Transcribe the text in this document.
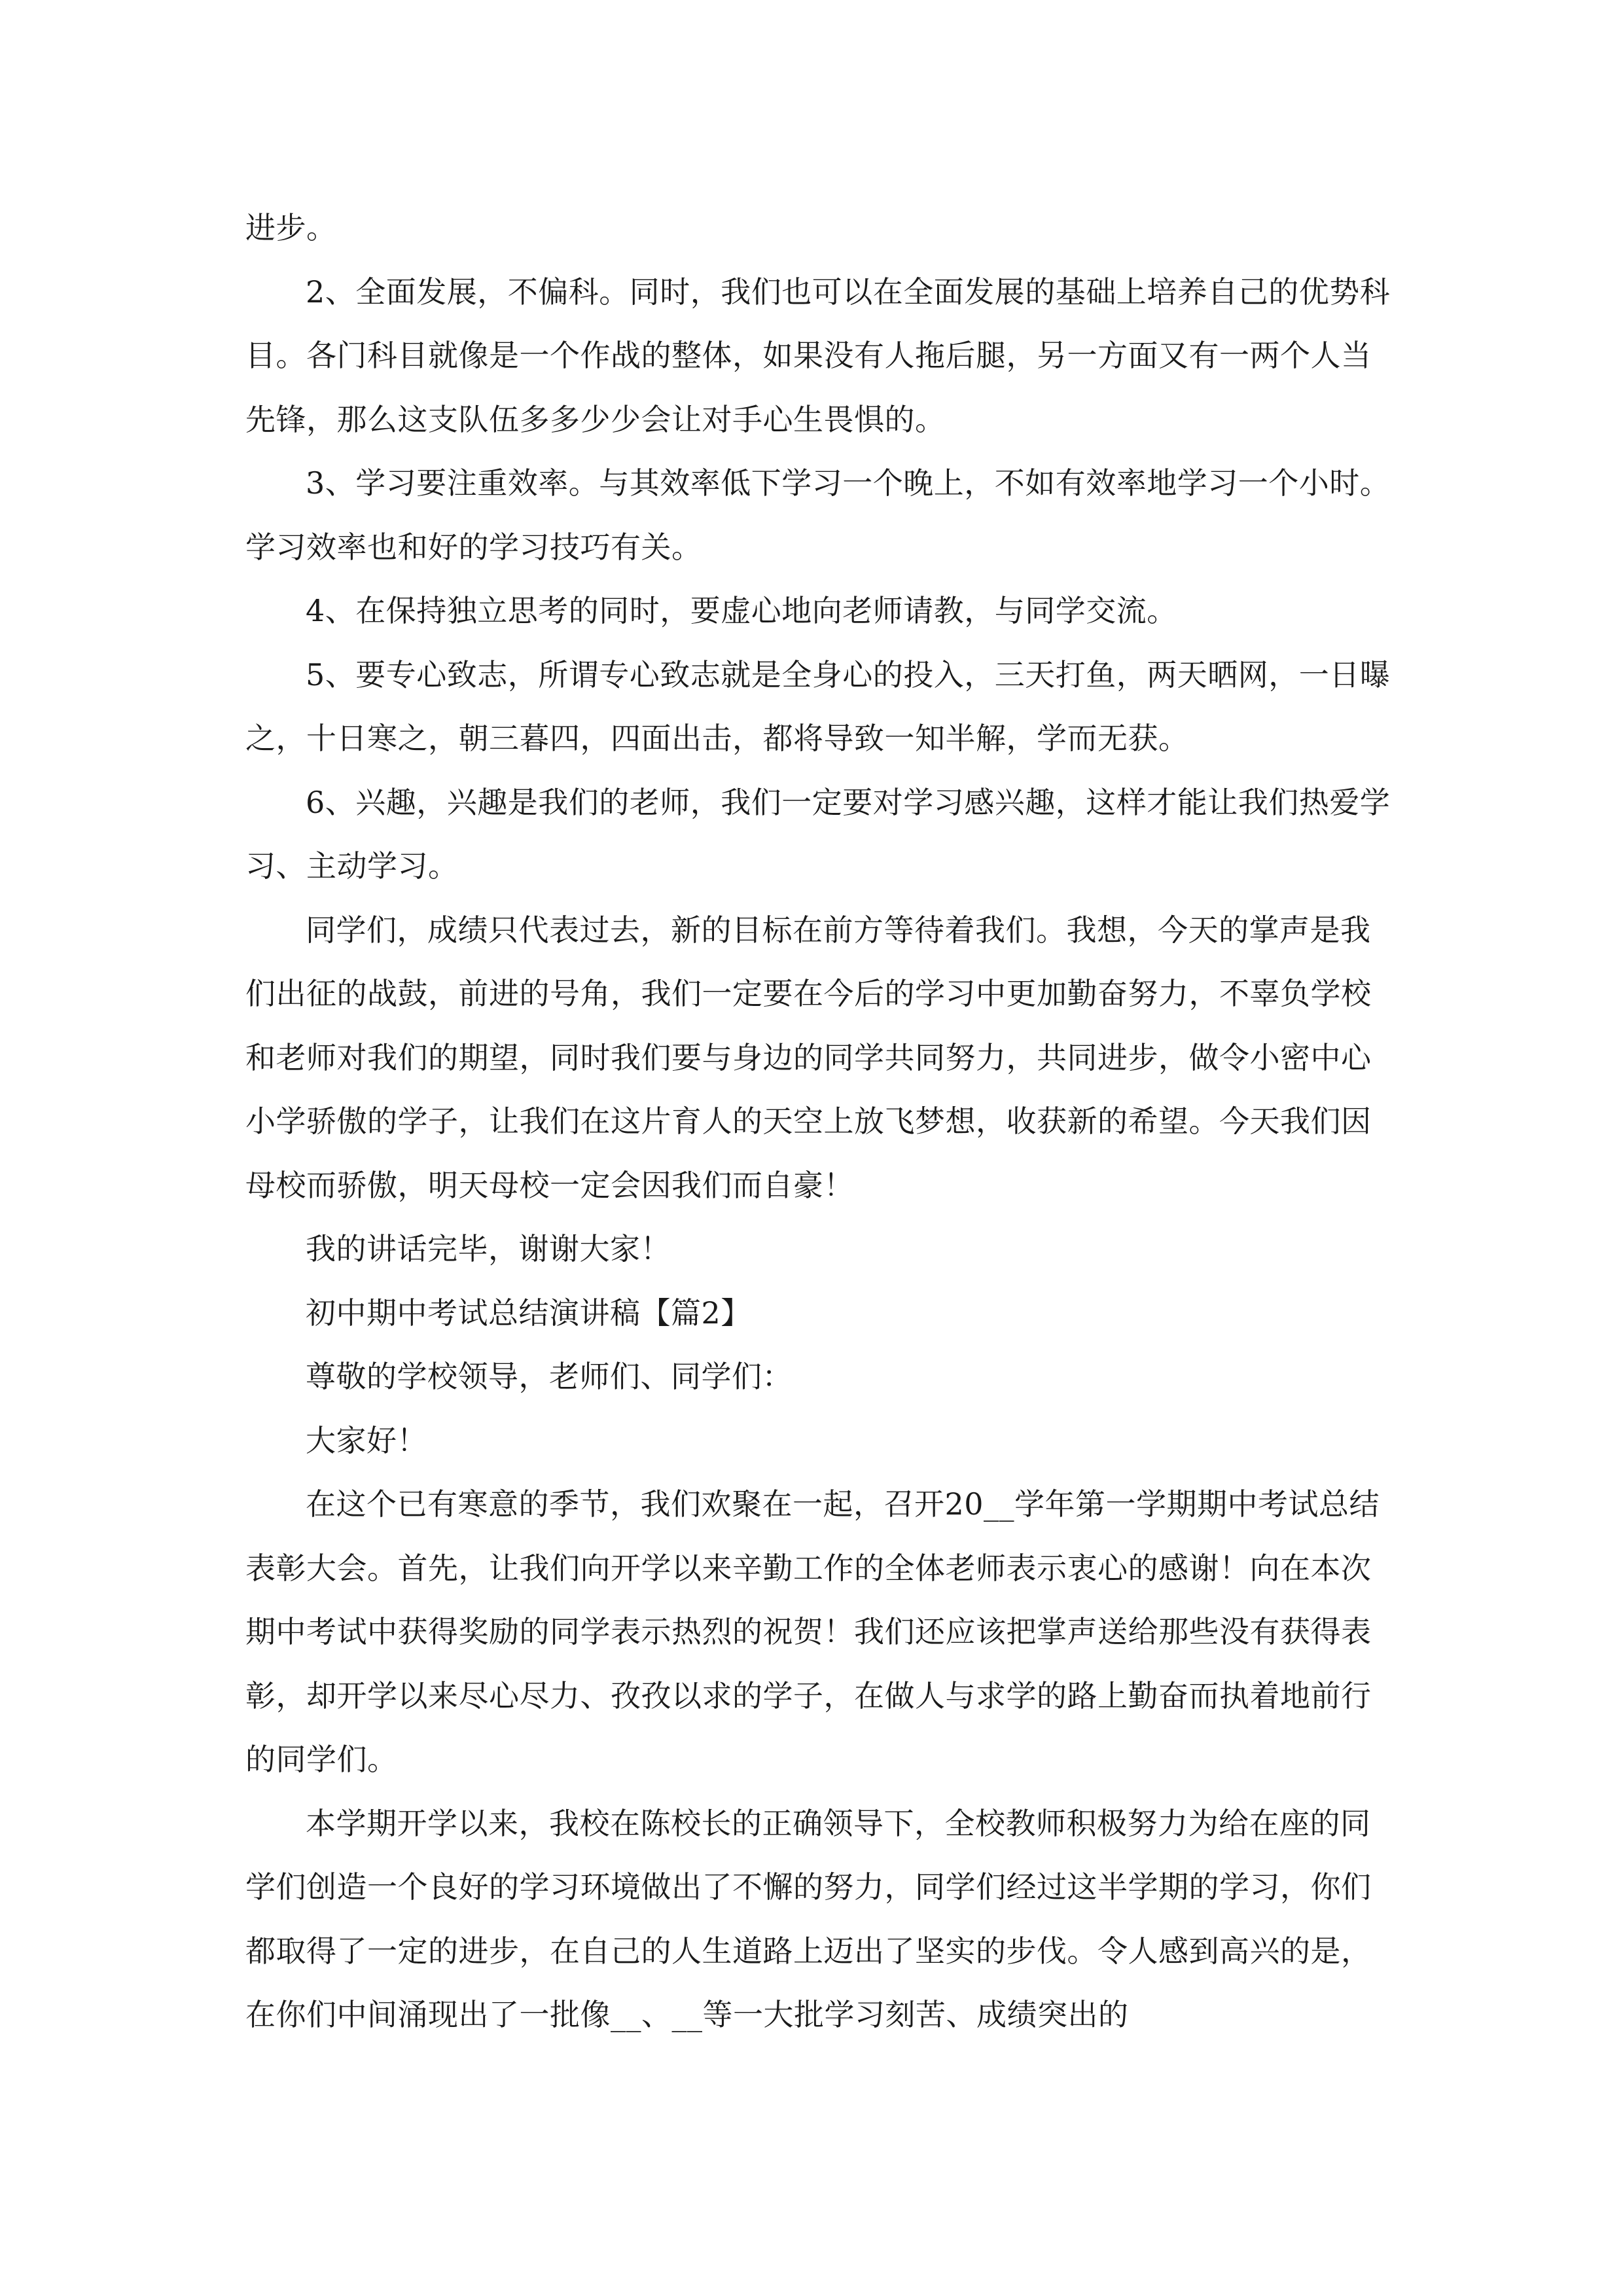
进步。

2、全面发展，不偏科。同时，我们也可以在全面发展的基础上培养自己的优势科目。各门科目就像是一个作战的整体，如果没有人拖后腿，另一方面又有一两个人当先锋，那么这支队伍多多少少会让对手心生畏惧的。

3、学习要注重效率。与其效率低下学习一个晚上，不如有效率地学习一个小时。学习效率也和好的学习技巧有关。

4、在保持独立思考的同时，要虚心地向老师请教，与同学交流。

5、要专心致志，所谓专心致志就是全身心的投入，三天打鱼，两天晒网，一日曝之，十日寒之，朝三暮四，四面出击，都将导致一知半解，学而无获。

6、兴趣，兴趣是我们的老师，我们一定要对学习感兴趣，这样才能让我们热爱学习、主动学习。

同学们，成绩只代表过去，新的目标在前方等待着我们。我想，今天的掌声是我们出征的战鼓，前进的号角，我们一定要在今后的学习中更加勤奋努力，不辜负学校和老师对我们的期望，同时我们要与身边的同学共同努力，共同进步，做令小密中心小学骄傲的学子，让我们在这片育人的天空上放飞梦想，收获新的希望。今天我们因母校而骄傲，明天母校一定会因我们而自豪！

我的讲话完毕，谢谢大家！

初中期中考试总结演讲稿【篇2】

尊敬的学校领导，老师们、同学们：

大家好！

在这个已有寒意的季节，我们欢聚在一起，召开20__学年第一学期期中考试总结表彰大会。首先，让我们向开学以来辛勤工作的全体老师表示衷心的感谢！向在本次期中考试中获得奖励的同学表示热烈的祝贺！我们还应该把掌声送给那些没有获得表彰，却开学以来尽心尽力、孜孜以求的学子，在做人与求学的路上勤奋而执着地前行的同学们。

本学期开学以来，我校在陈校长的正确领导下，全校教师积极努力为给在座的同学们创造一个良好的学习环境做出了不懈的努力，同学们经过这半学期的学习，你们都取得了一定的进步，在自己的人生道路上迈出了坚实的步伐。令人感到高兴的是，在你们中间涌现出了一批像__、__等一大批学习刻苦、成绩突出的
